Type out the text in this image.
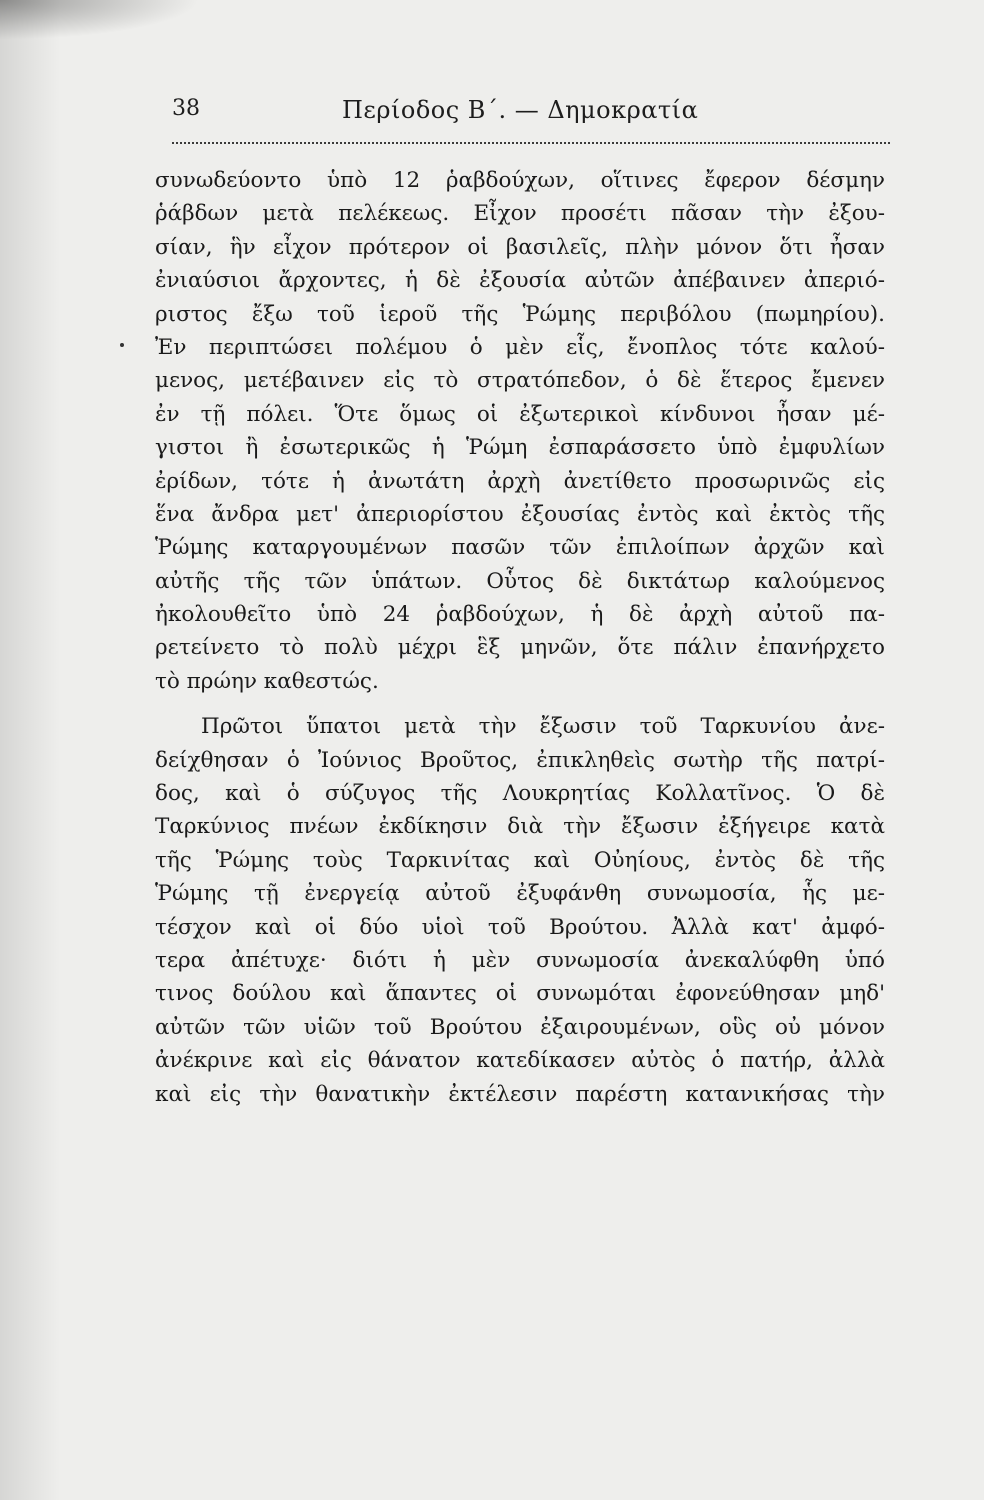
38	Περίοδος Β΄. — Δημοκρατία
συνωδεύοντο ὑπὸ 12 ῥαβδούχων, οἵτινες ἔφερον δέσμην
ῥάβδων μετὰ πελέκεως. Εἶχον προσέτι πᾶσαν τὴν ἐξου-
σίαν, ἣν εἶχον πρότερον οἱ βασιλεῖς, πλὴν μόνον ὅτι ἦσαν
ἐνιαύσιοι ἄρχοντες, ἡ δὲ ἐξουσία αὐτῶν ἀπέβαινεν ἀπεριό-
ριστος ἔξω τοῦ ἱεροῦ τῆς Ῥώμης περιβόλου (πωμηρίου).
Ἐν περιπτώσει πολέμου ὁ μὲν εἷς, ἔνοπλος τότε καλού-
μενος, μετέβαινεν εἰς τὸ στρατόπεδον, ὁ δὲ ἕτερος ἔμενεν
ἐν τῇ πόλει. Ὅτε ὅμως οἱ ἐξωτερικοὶ κίνδυνοι ἦσαν μέ-
γιστοι ἢ ἐσωτερικῶς ἡ Ῥώμη ἐσπαράσσετο ὑπὸ ἐμφυλίων
ἐρίδων, τότε ἡ ἀνωτάτη ἀρχὴ ἀνετίθετο προσωρινῶς εἰς
ἕνα ἄνδρα μετ' ἀπεριορίστου ἐξουσίας ἐντὸς καὶ ἐκτὸς τῆς
Ῥώμης καταργουμένων πασῶν τῶν ἐπιλοίπων ἀρχῶν καὶ
αὐτῆς τῆς τῶν ὑπάτων. Οὗτος δὲ δικτάτωρ καλούμενος
ἠκολουθεῖτο ὑπὸ 24 ῥαβδούχων, ἡ δὲ ἀρχὴ αὐτοῦ πα-
ρετείνετο τὸ πολὺ μέχρι ἓξ μηνῶν, ὅτε πάλιν ἐπανήρχετο
τὸ πρώην καθεστώς.
Πρῶτοι ὕπατοι μετὰ τὴν ἔξωσιν τοῦ Ταρκυνίου ἀνε-
δείχθησαν ὁ Ἰούνιος Βροῦτος, ἐπικληθεὶς σωτὴρ τῆς πατρί-
δος, καὶ ὁ σύζυγος τῆς Λουκρητίας Κολλατῖνος. Ὁ δὲ
Ταρκύνιος πνέων ἐκδίκησιν διὰ τὴν ἔξωσιν ἐξήγειρε κατὰ
τῆς Ῥώμης τοὺς Ταρκινίτας καὶ Οὐηίους, ἐντὸς δὲ τῆς
Ῥώμης τῇ ἐνεργείᾳ αὐτοῦ ἐξυφάνθη συνωμοσία, ἧς με-
τέσχον καὶ οἱ δύο υἱοὶ τοῦ Βρούτου. Ἀλλὰ κατ' ἀμφό-
τερα ἀπέτυχε· διότι ἡ μὲν συνωμοσία ἀνεκαλύφθη ὑπό
τινος δούλου καὶ ἅπαντες οἱ συνωμόται ἐφονεύθησαν μηδ'
αὐτῶν τῶν υἱῶν τοῦ Βρούτου ἐξαιρουμένων, οὓς οὐ μόνον
ἀνέκρινε καὶ εἰς θάνατον κατεδίκασεν αὐτὸς ὁ πατήρ, ἀλλὰ
καὶ εἰς τὴν θανατικὴν ἐκτέλεσιν παρέστη κατανικήσας τὴν
